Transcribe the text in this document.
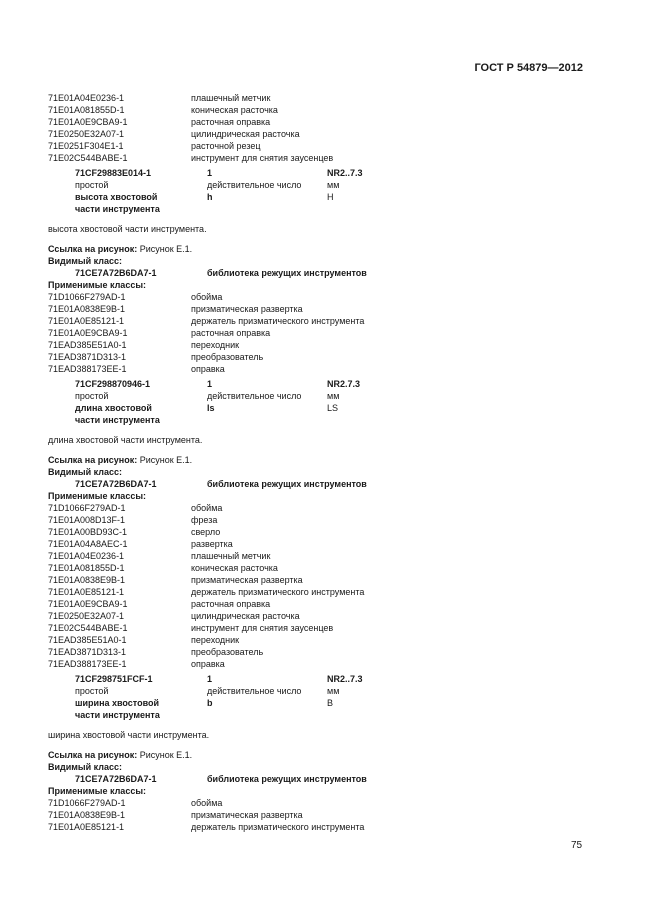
ГОСТ Р 54879—2012
71E01A04E0236-1	плашечный метчик
71E01A081855D-1	коническая расточка
71E01A0E9CBA9-1	расточная оправка
71E0250E32A07-1	цилиндрическая расточка
71E0251F304E1-1	расточной резец
71E02C544BABE-1	инструмент для снятия заусенцев
71CF29883E014-1	1	NR2..7.3
простой	действительное число	мм
высота хвостовой	h	H
части инструмента
высота хвостовой части инструмента.
Ссылка на рисунок: Рисунок Е.1.
Видимый класс:
71CE7A72B6DA7-1	библиотека режущих инструментов
Применимые классы:
71D1066F279AD-1	обойма
71E01A0838E9B-1	призматическая развертка
71E01A0E85121-1	держатель призматического инструмента
71E01A0E9CBA9-1	расточная оправка
71EAD385E51A0-1	переходник
71EAD3871D313-1	преобразователь
71EAD388173EE-1	оправка
71CF298870946-1	1	NR2.7.3
простой	действительное число	мм
длина хвостовой	ls	LS
части инструмента
длина хвостовой части инструмента.
Ссылка на рисунок: Рисунок Е.1.
Видимый класс:
71CE7A72B6DA7-1	библиотека режущих инструментов
Применимые классы:
71D1066F279AD-1	обойма
71E01A008D13F-1	фреза
71E01A00BD93C-1	сверло
71E01A04A8AEC-1	развертка
71E01A04E0236-1	плашечный метчик
71E01A081855D-1	коническая расточка
71E01A0838E9B-1	призматическая развертка
71E01A0E85121-1	держатель призматического инструмента
71E01A0E9CBA9-1	расточная оправка
71E0250E32A07-1	цилиндрическая расточка
71E02C544BABE-1	инструмент для снятия заусенцев
71EAD385E51A0-1	переходник
71EAD3871D313-1	преобразователь
71EAD388173EE-1	оправка
71CF298751FCF-1	1	NR2..7.3
простой	действительное число	мм
ширина хвостовой	b	B
части инструмента
ширина хвостовой части инструмента.
Ссылка на рисунок: Рисунок Е.1.
Видимый класс:
71CE7A72B6DA7-1	библиотека режущих инструментов
Применимые классы:
71D1066F279AD-1	обойма
71E01A0838E9B-1	призматическая развертка
71E01A0E85121-1	держатель призматического инструмента
75
